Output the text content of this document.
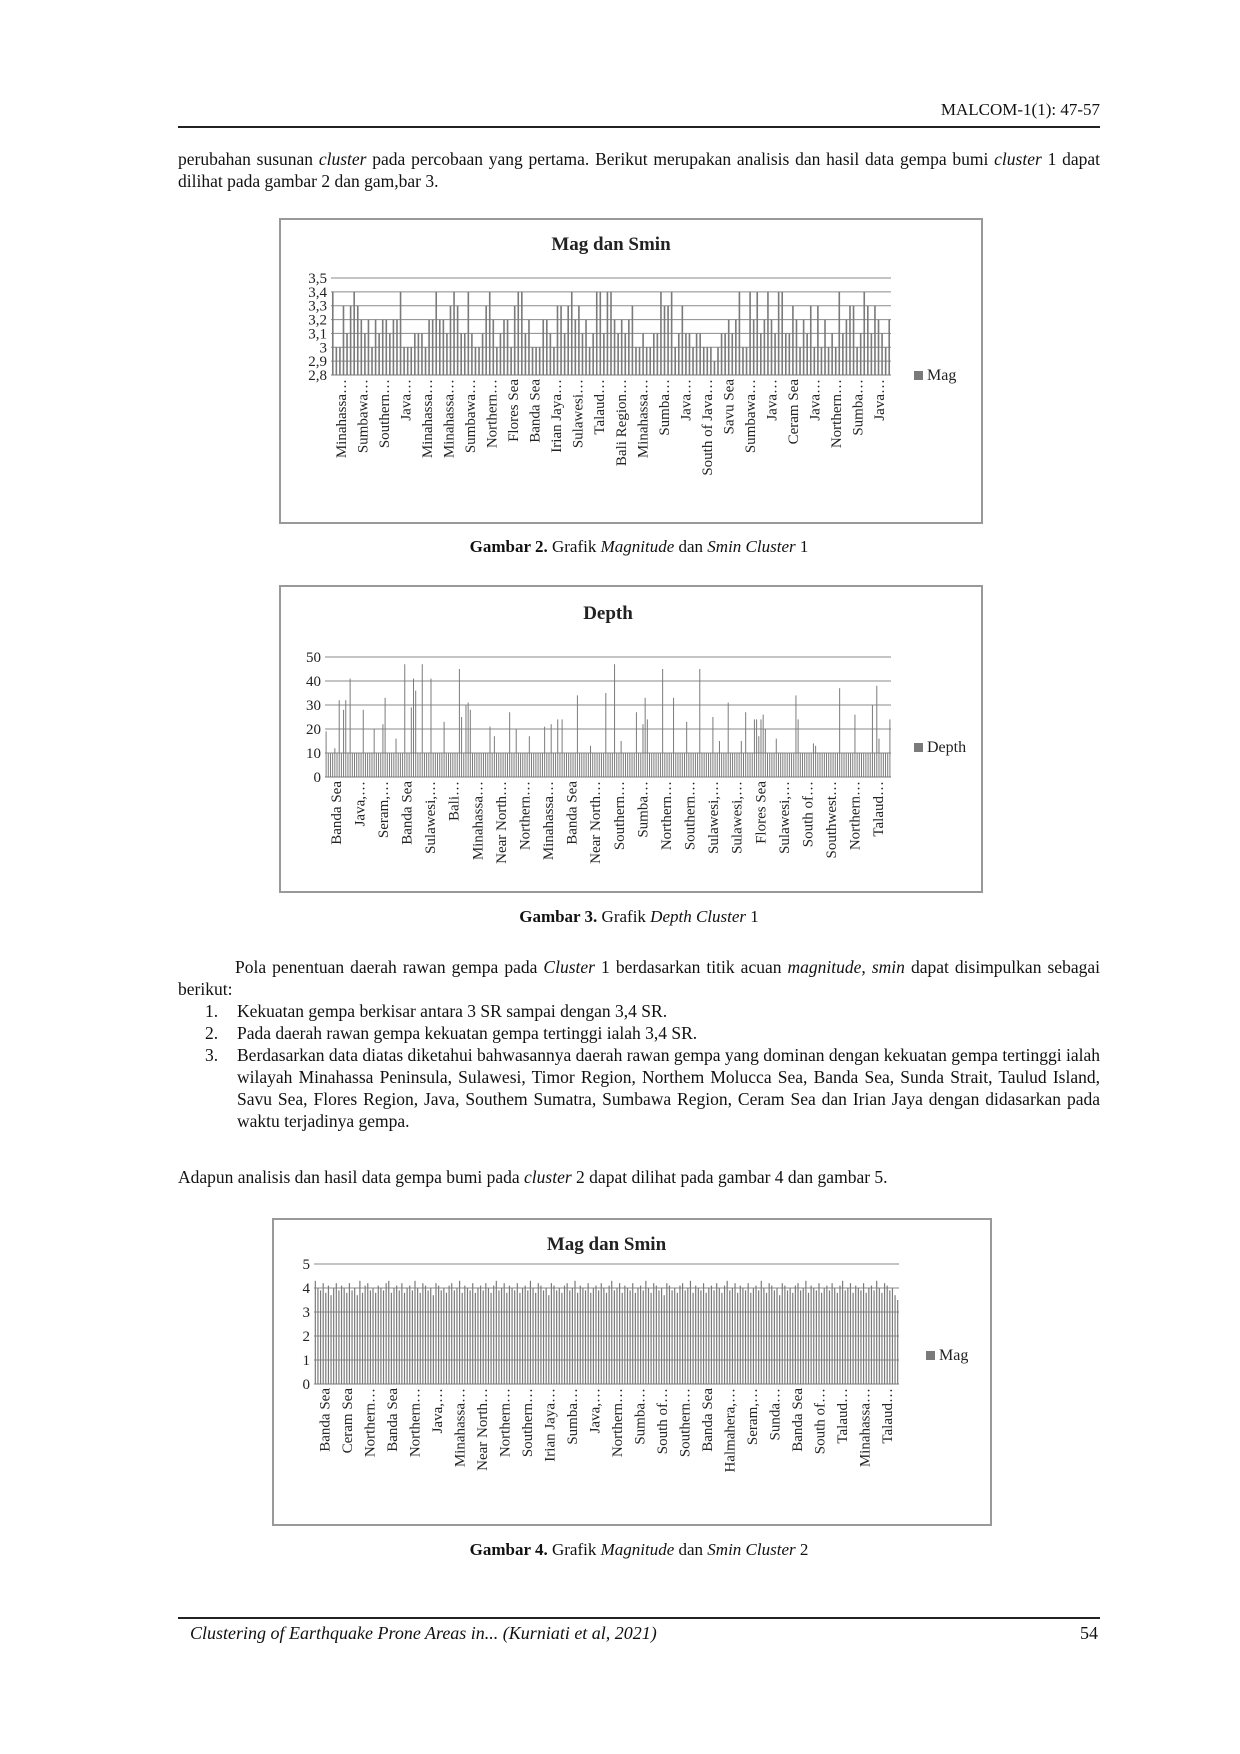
MALCOM-1(1): 47-57
perubahan susunan cluster pada percobaan yang pertama. Berikut merupakan analisis dan hasil data gempa bumi cluster 1 dapat dilihat pada gambar 2 dan gam,bar 3.
Mag dan Smin
2,8
2,9
3
3,1
3,2
3,3
3,4
3,5
Minahassa… Sumbawa… Southern… Java… Minahassa… Minahassa… Sumbawa… Northern… Flores Sea Banda Sea Irian Jaya… Sulawesi… Talaud… Bali Region… Minahassa… Sumba… Java… South of Java… Savu Sea Sumbawa… Java… Ceram Sea Java… Northern… Sumba… Java…
Mag
Gambar 2. Grafik Magnitude dan Smin Cluster 1
Depth
0
10
20
30
40
50
Banda Sea Java,… Seram,… Banda Sea Sulawesi,… Bali… Minahassa… Near North… Northern… Minahassa… Banda Sea Near North… Southern… Sumba… Northern… Southern… Sulawesi,… Sulawesi,… Flores Sea Sulawesi,… South of… Southwest… Northern… Talaud…
Depth
Gambar 3. Grafik Depth Cluster 1
Pola penentuan daerah rawan gempa pada Cluster 1 berdasarkan titik acuan magnitude, smin dapat disimpulkan sebagai berikut:
1. Kekuatan gempa berkisar antara 3 SR sampai dengan 3,4 SR.
2. Pada daerah rawan gempa kekuatan gempa tertinggi ialah 3,4 SR.
3. Berdasarkan data diatas diketahui bahwasannya daerah rawan gempa yang dominan dengan kekuatan gempa tertinggi ialah wilayah Minahassa Peninsula, Sulawesi, Timor Region, Northem Molucca Sea, Banda Sea, Sunda Strait, Taulud Island, Savu Sea, Flores Region, Java, Southem Sumatra, Sumbawa Region, Ceram Sea dan Irian Jaya dengan didasarkan pada waktu terjadinya gempa.
Adapun analisis dan hasil data gempa bumi pada cluster 2 dapat dilihat pada gambar 4 dan gambar 5.
Mag dan Smin
0
1
2
3
4
5
Banda Sea Ceram Sea Northern… Banda Sea Northern… Java,… Minahassa… Near North… Northern… Southern… Irian Jaya… Sumba… Java,… Northern… Sumba… South of… Southern… Banda Sea Halmahera,… Seram,… Sunda… Banda Sea South of… Talaud… Minahassa… Talaud…
Mag
Gambar 4. Grafik Magnitude dan Smin Cluster 2
Clustering of Earthquake Prone Areas in... (Kurniati et al, 2021)	54
